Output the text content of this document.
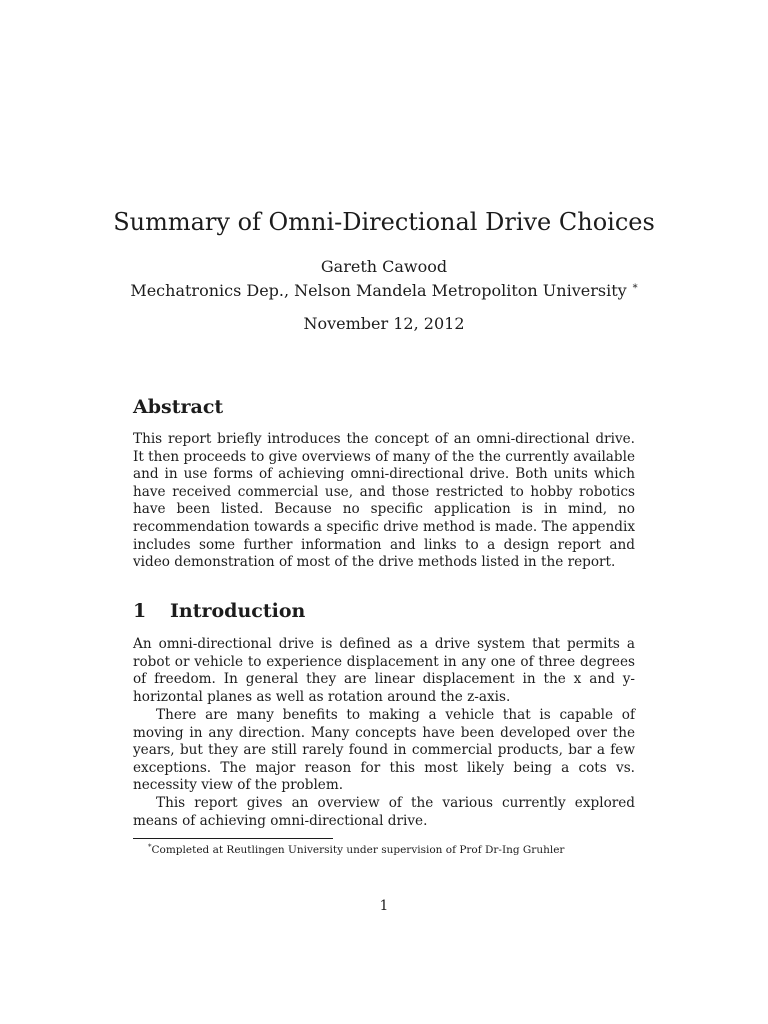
Summary of Omni-Directional Drive Choices
Gareth Cawood
Mechatronics Dep., Nelson Mandela Metropoliton University *
November 12, 2012
Abstract
This report briefly introduces the concept of an omni-directional drive. It then proceeds to give overviews of many of the the currently available and in use forms of achieving omni-directional drive. Both units which have received commercial use, and those restricted to hobby robotics have been listed. Because no specific application is in mind, no recommendation towards a specific drive method is made. The appendix includes some further information and links to a design report and video demonstration of most of the drive methods listed in the report.
1 Introduction
An omni-directional drive is defined as a drive system that permits a robot or vehicle to experience displacement in any one of three degrees of freedom. In general they are linear displacement in the x and y- horizontal planes as well as rotation around the z-axis.
There are many benefits to making a vehicle that is capable of moving in any direction. Many concepts have been developed over the years, but they are still rarely found in commercial products, bar a few exceptions. The major reason for this most likely being a cots vs. necessity view of the problem.
This report gives an overview of the various currently explored means of achieving omni-directional drive.
*Completed at Reutlingen University under supervision of Prof Dr-Ing Gruhler
1
